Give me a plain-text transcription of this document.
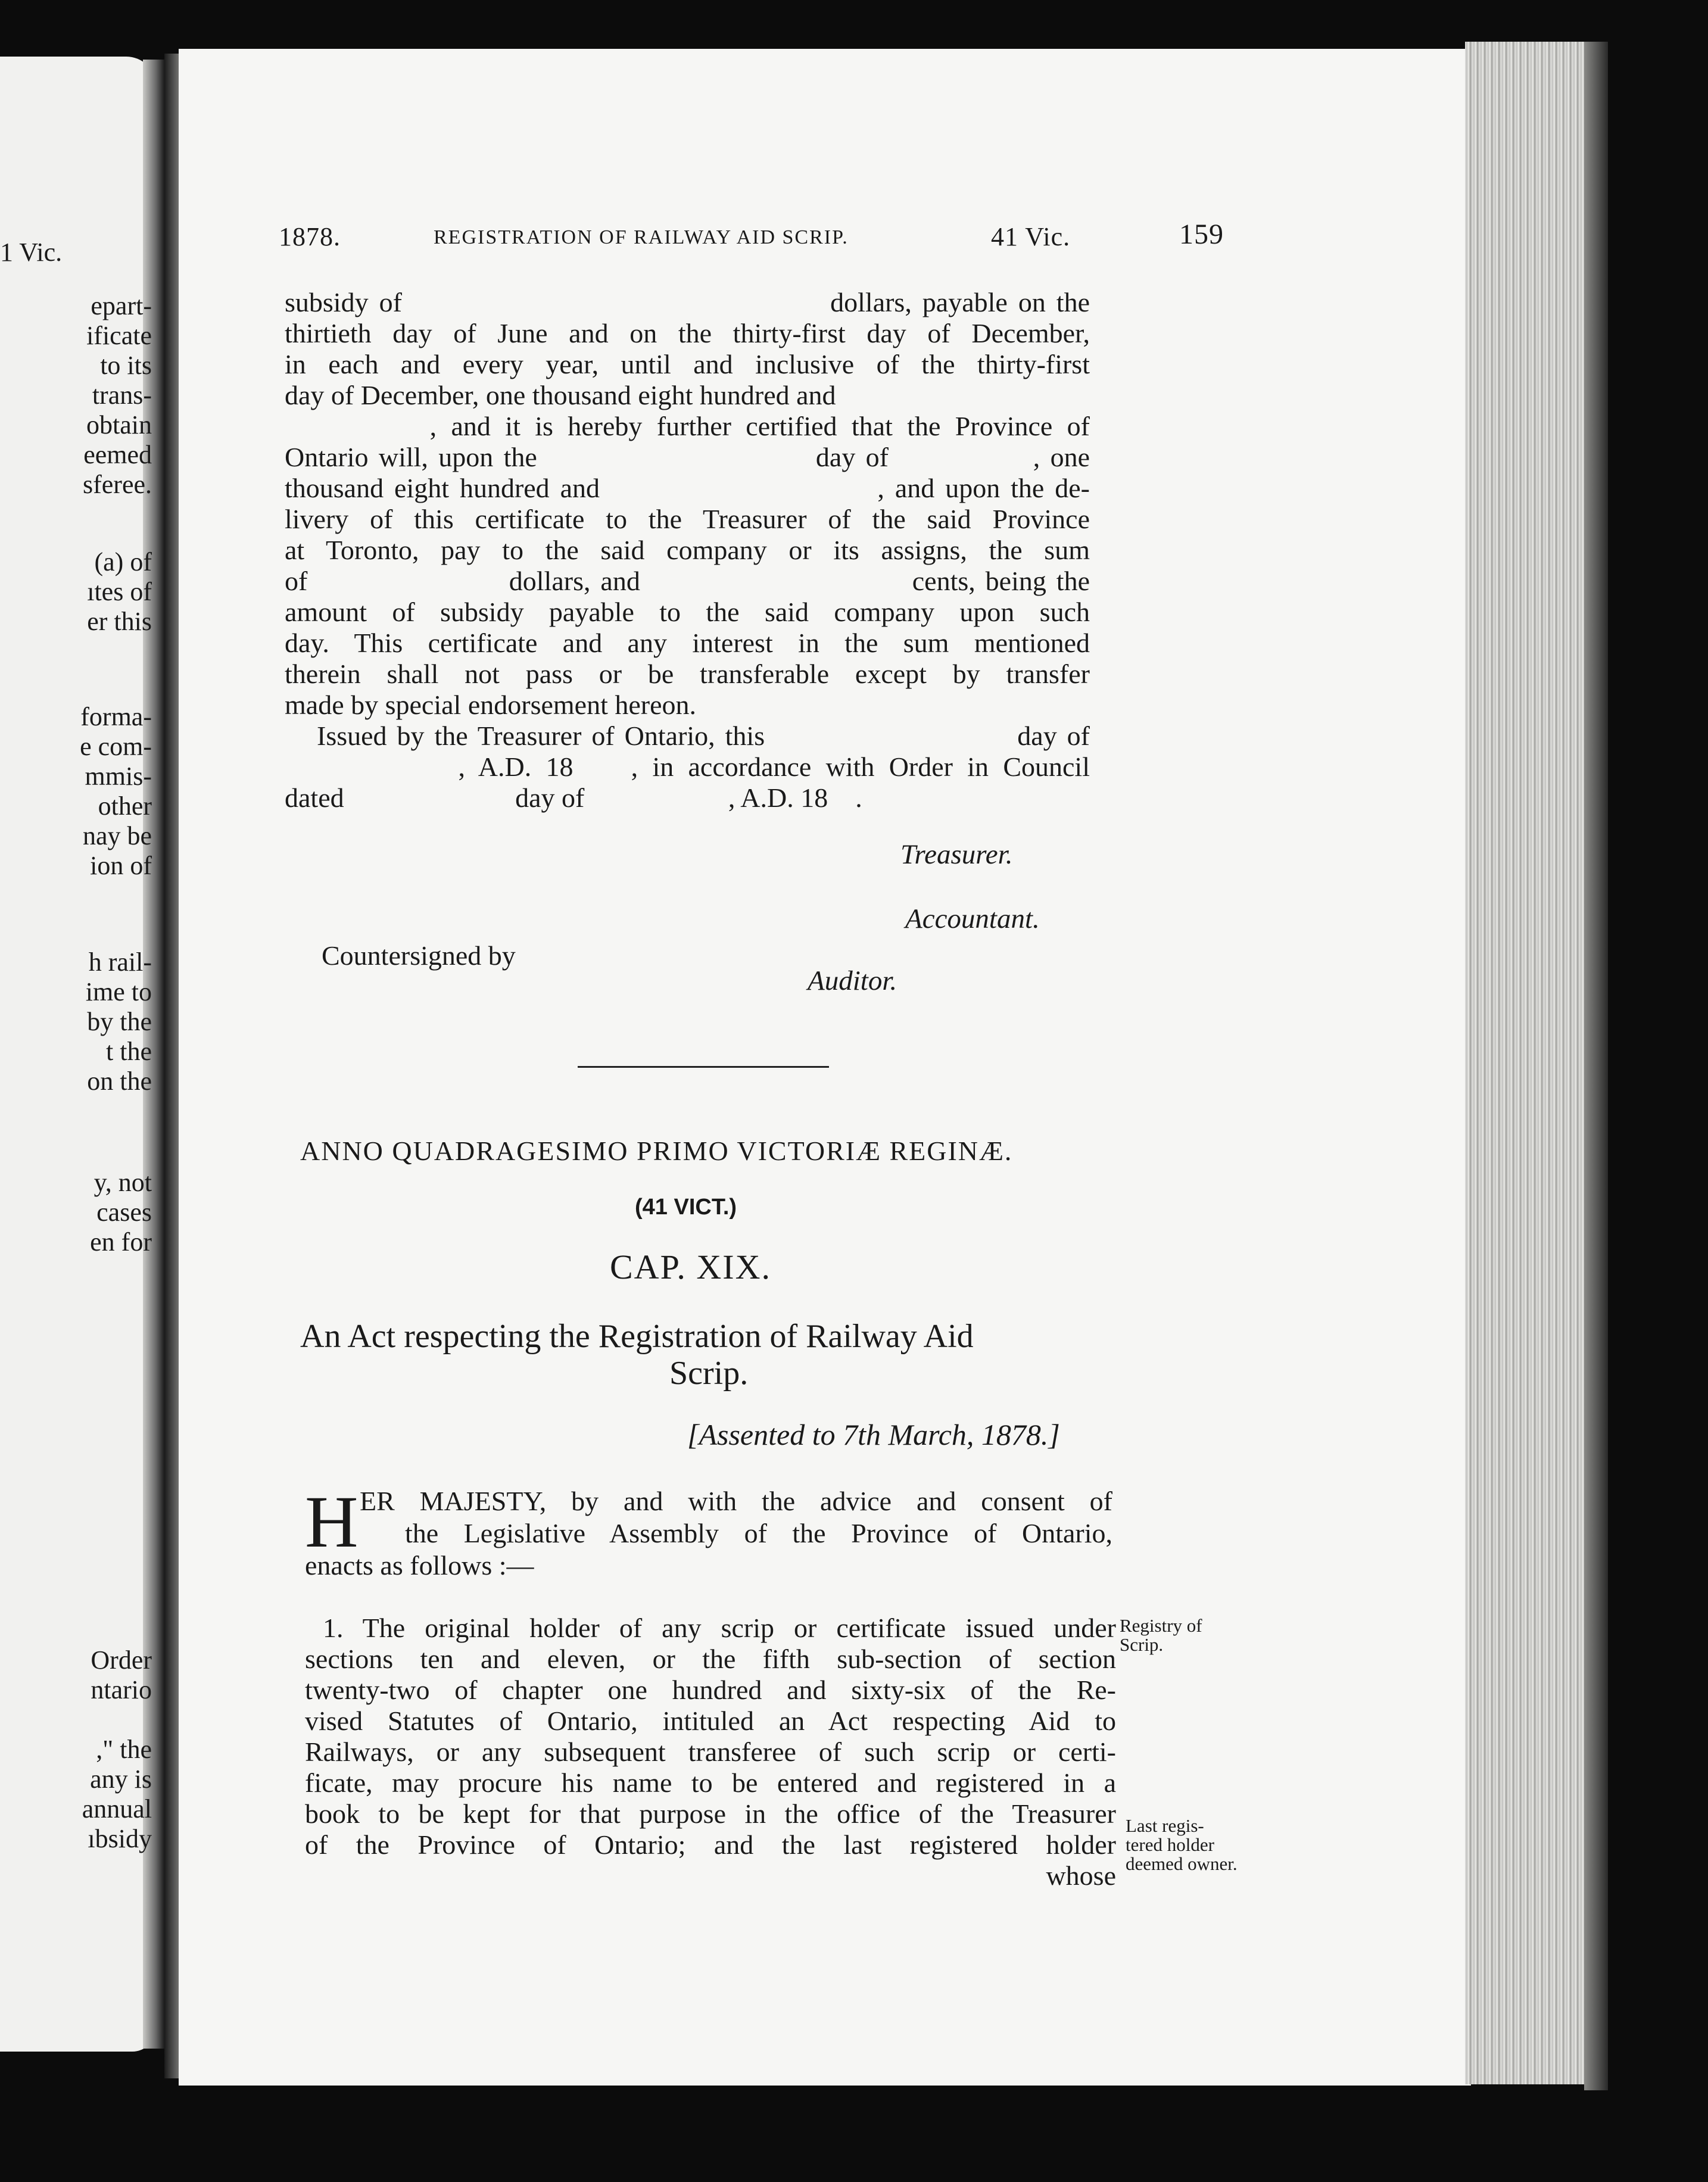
1 Vic.
epart-
ificate
to its
trans-
obtain
eemed
sferee.
(a) of
ıtes of
er this
forma-
e com-
mmis-
other
nay be
ion of
h rail-
ime to
by the
t the
on the
y, not
cases
en for
Order
ntario
," the
any is
annual
ıbsidy
1878.	REGISTRATION OF RAILWAY AID SCRIP.	41 Vic.	159
subsidy of                                        dollars, payable on the
thirtieth day of June and on the thirty-first day of December,
in each and every year, until and inclusive of the thirty-first
day of December, one thousand eight hundred and
, and it is hereby further certified that the Province of
Ontario will, upon the                           day of              , one
thousand eight hundred and                          , and upon the de-
livery of this certificate to the Treasurer of the said Province
at Toronto, pay to the said company or its assigns, the sum
of                    dollars, and                           cents, being the
amount of subsidy payable to the said company upon such
day. This certificate and any interest in the sum mentioned
therein shall not pass or be transferable except by transfer
made by special endorsement hereon.
Issued by the Treasurer of Ontario, this                         day of
, A.D. 18    , in accordance with Order in Council
dated                         day of                     , A.D. 18    .
Treasurer.
Accountant.
Countersigned by
Auditor.
ANNO QUADRAGESIMO PRIMO VICTORIÆ REGINÆ.
(41 VICT.)
CAP. XIX.
An Act respecting the Registration of Railway Aid
Scrip.
[Assented to 7th March, 1878.]
H ER MAJESTY, by and with the advice and consent of
the Legislative Assembly of the Province of Ontario,
enacts as follows :—
1. The original holder of any scrip or certificate issued under
sections ten and eleven, or the fifth sub-section of section
twenty-two of chapter one hundred and sixty-six of the Re-
vised Statutes of Ontario, intituled an Act respecting Aid to
Railways, or any subsequent transferee of such scrip or certi-
ficate, may procure his name to be entered and registered in a
book to be kept for that purpose in the office of the Treasurer
of the Province of Ontario; and the last registered holder
whose
Registry of
Scrip.
Last regis-
tered holder
deemed owner.
